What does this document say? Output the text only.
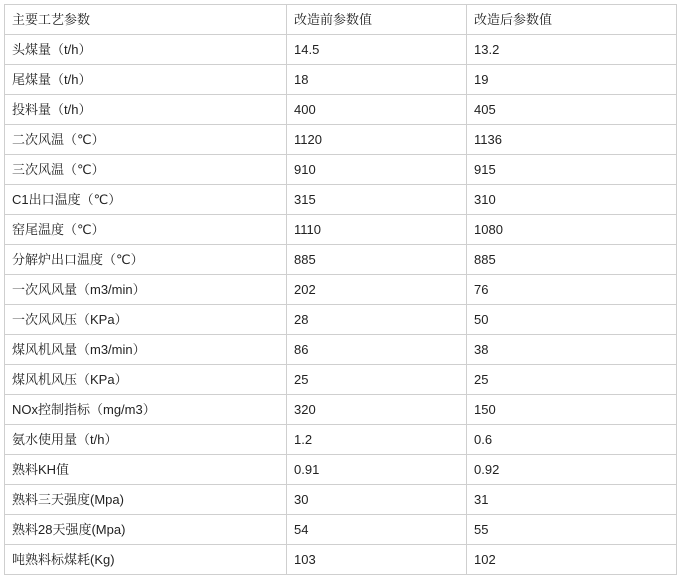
主要工艺参数	改造前参数值	改造后参数值
头煤量（t/h）	14.5	13.2
尾煤量（t/h）	18	19
投料量（t/h）	400	405
二次风温（℃）	1120	1136
三次风温（℃）	910	915
C1出口温度（℃）	315	310
窑尾温度（℃）	1110	1080
分解炉出口温度（℃）	885	885
一次风风量（m3/min）	202	76
一次风风压（KPa）	28	50
煤风机风量（m3/min）	86	38
煤风机风压（KPa）	25	25
NOx控制指标（mg/m3）	320	150
氨水使用量（t/h）	1.2	0.6
熟料KH值	0.91	0.92
熟料三天强度(Mpa)	30	31
熟料28天强度(Mpa)	54	55
吨熟料标煤耗(Kg)	103	102
